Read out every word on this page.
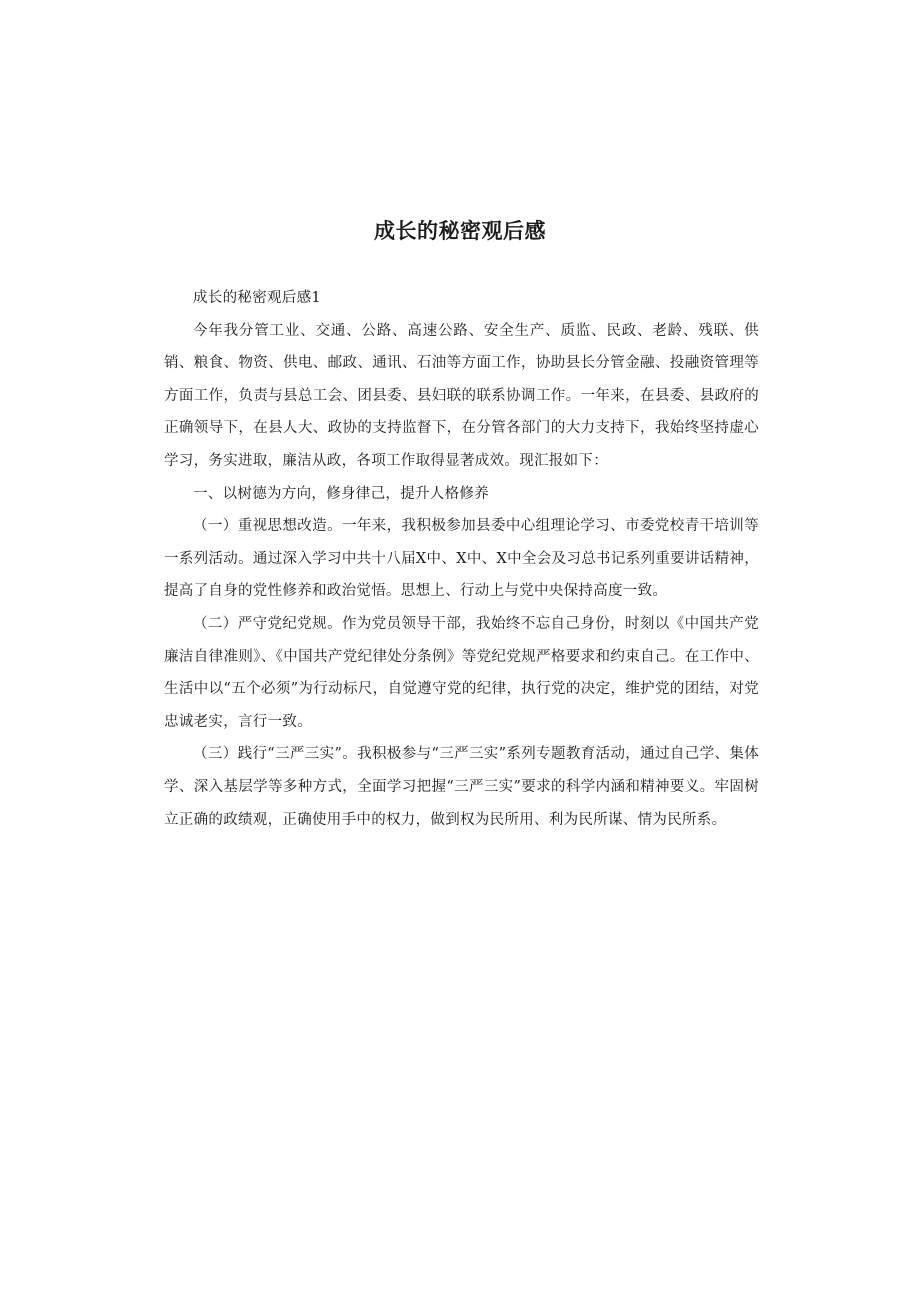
成长的秘密观后感

成长的秘密观后感1

今年我分管工业、交通、公路、高速公路、安全生产、质监、民政、老龄、残联、供销、粮食、物资、供电、邮政、通讯、石油等方面工作，协助县长分管金融、投融资管理等方面工作，负责与县总工会、团县委、县妇联的联系协调工作。一年来，在县委、县政府的正确领导下，在县人大、政协的支持监督下，在分管各部门的大力支持下，我始终坚持虚心学习，务实进取，廉洁从政，各项工作取得显著成效。现汇报如下：

一、以树德为方向，修身律己，提升人格修养

（一）重视思想改造。一年来，我积极参加县委中心组理论学习、市委党校青干培训等一系列活动。通过深入学习中共十八届X中、X中、X中全会及习总书记系列重要讲话精神，提高了自身的党性修养和政治觉悟。思想上、行动上与党中央保持高度一致。

（二）严守党纪党规。作为党员领导干部，我始终不忘自己身份，时刻以《中国共产党廉洁自律准则》、《中国共产党纪律处分条例》等党纪党规严格要求和约束自己。在工作中、生活中以“五个必须”为行动标尺，自觉遵守党的纪律，执行党的决定，维护党的团结，对党忠诚老实，言行一致。

（三）践行“三严三实”。我积极参与“三严三实”系列专题教育活动，通过自己学、集体学、深入基层学等多种方式，全面学习把握“三严三实”要求的科学内涵和精神要义。牢固树立正确的政绩观，正确使用手中的权力，做到权为民所用、利为民所谋、情为民所系。
